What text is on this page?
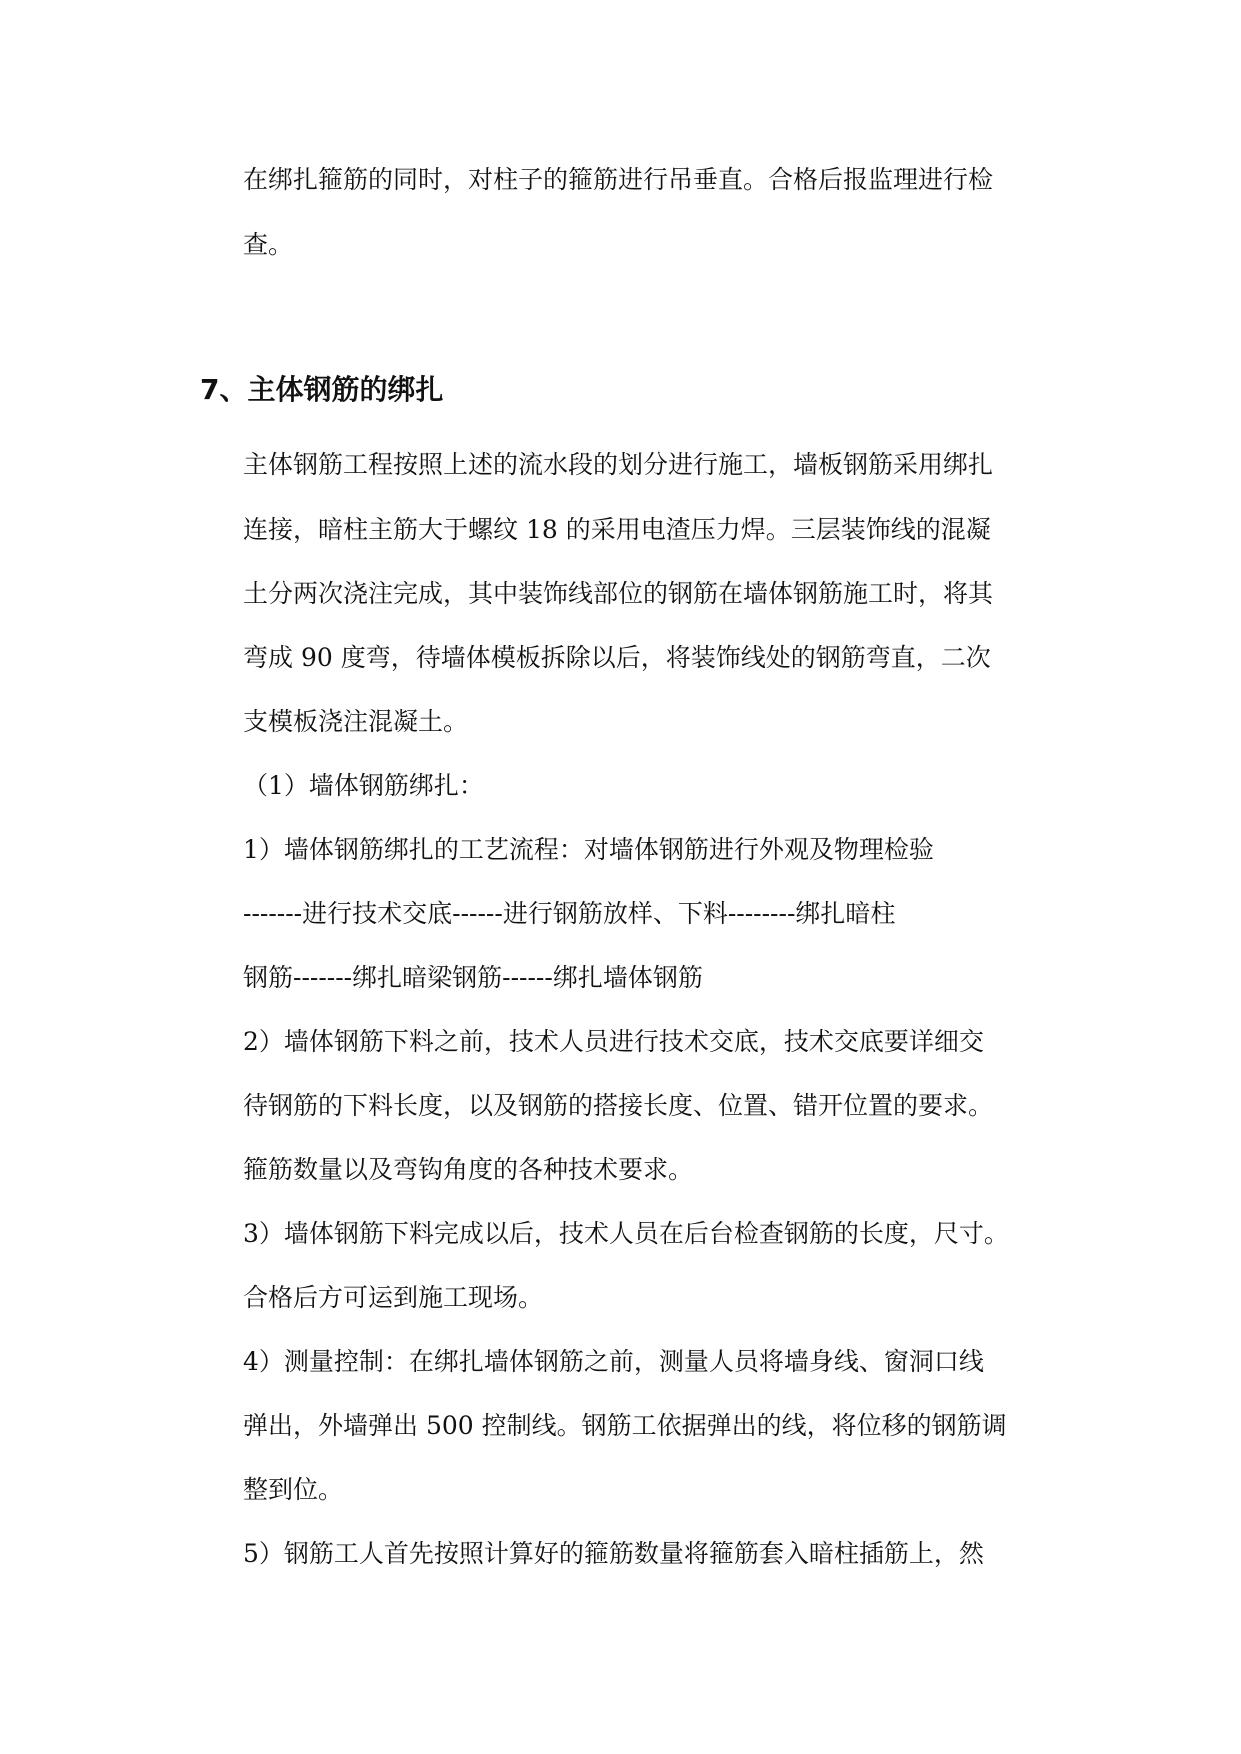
在绑扎箍筋的同时，对柱子的箍筋进行吊垂直。合格后报监理进行检
查。
7、主体钢筋的绑扎
主体钢筋工程按照上述的流水段的划分进行施工，墙板钢筋采用绑扎
连接，暗柱主筋大于螺纹 18 的采用电渣压力焊。三层装饰线的混凝
土分两次浇注完成，其中装饰线部位的钢筋在墙体钢筋施工时，将其
弯成 90 度弯，待墙体模板拆除以后，将装饰线处的钢筋弯直，二次
支模板浇注混凝土。
（1）墙体钢筋绑扎：
1）墙体钢筋绑扎的工艺流程：对墙体钢筋进行外观及物理检验
-------进行技术交底------进行钢筋放样、下料--------绑扎暗柱
钢筋-------绑扎暗梁钢筋------绑扎墙体钢筋
2）墙体钢筋下料之前，技术人员进行技术交底，技术交底要详细交
待钢筋的下料长度，以及钢筋的搭接长度、位置、错开位置的要求。
箍筋数量以及弯钩角度的各种技术要求。
3）墙体钢筋下料完成以后，技术人员在后台检查钢筋的长度，尺寸。
合格后方可运到施工现场。
4）测量控制：在绑扎墙体钢筋之前，测量人员将墙身线、窗洞口线
弹出，外墙弹出 500 控制线。钢筋工依据弹出的线，将位移的钢筋调
整到位。
5）钢筋工人首先按照计算好的箍筋数量将箍筋套入暗柱插筋上，然
